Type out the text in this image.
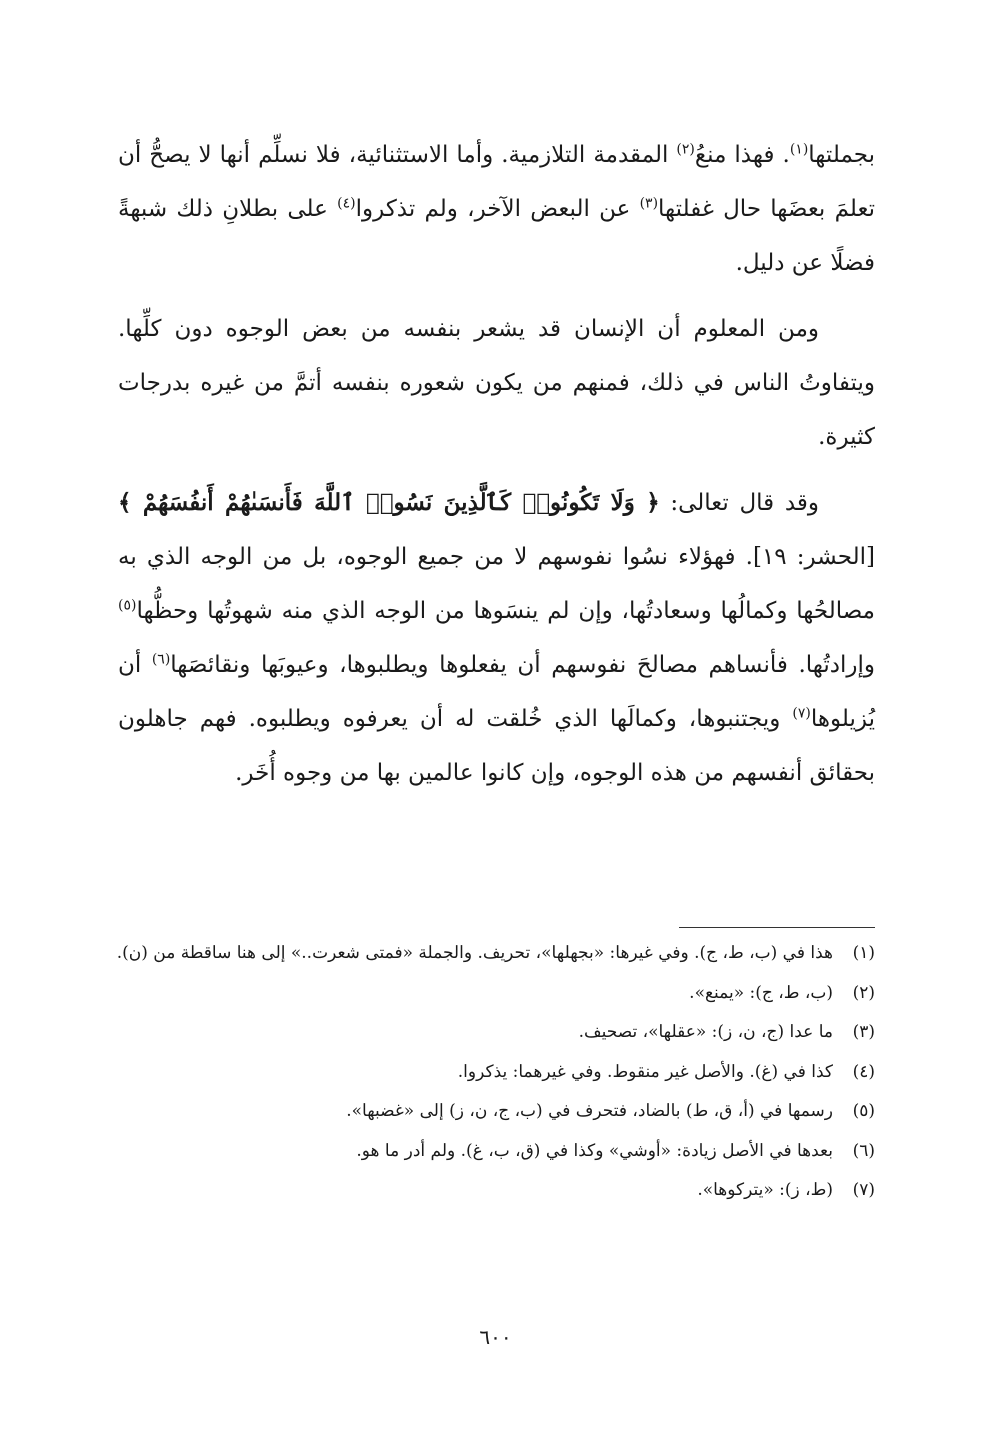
بجملتها$^{(١)}$. فهذا منعُ$^{(٢)}$ المقدمة التلازمية. وأما الاستثنائية، فلا نسلِّم أنها لا يصحُّ أن تعلمَ بعضَها حال غفلتها$^{(٣)}$ عن البعض الآخر، ولم تذكروا$^{(٤)}$ على بطلانِ ذلك شبهةً فضلًا عن دليل.

ومن المعلوم أن الإنسان قد يشعر بنفسه من بعض الوجوه دون كلِّها. ويتفاوتُ الناس في ذلك، فمنهم من يكون شعوره بنفسه أتمَّ من غيره بدرجات كثيرة.

وقد قال تعالى: ﴿ وَلَا تَكُونُوا۟ كَٱلَّذِينَ نَسُوا۟ ٱللَّهَ فَأَنسَىٰهُمْ أَنفُسَهُمْ ﴾ [الحشر: ١٩]. فهؤلاء نسُوا نفوسهم لا من جميع الوجوه، بل من الوجه الذي به مصالحُها وكمالُها وسعادتُها، وإن لم ينسَوها من الوجه الذي منه شهوتُها وحظُّها$^{(٥)}$ وإرادتُها. فأنساهم مصالحَ نفوسهم أن يفعلوها ويطلبوها، وعيوبَها ونقائصَها$^{(٦)}$ أن يُزيلوها$^{(٧)}$ ويجتنبوها، وكمالَها الذي خُلقت له أن يعرفوه ويطلبوه. فهم جاهلون بحقائق أنفسهم من هذه الوجوه، وإن كانوا عالمين بها من وجوه أُخَر.

(١)
هذا في (ب، ط، ج). وفي غيرها: «بجهلها»، تحريف. والجملة «فمتى شعرت..» إلى هنا ساقطة من (ن).
(٢)
(ب، ط، ج): «يمنع».
(٣)
ما عدا (ج، ن، ز): «عقلها»، تصحيف.
(٤)
كذا في (غ). والأصل غير منقوط. وفي غيرهما: يذكروا.
(٥)
رسمها في (أ، ق، ط) بالضاد، فتحرف في (ب، ج، ن، ز) إلى «غضبها».
(٦)
بعدها في الأصل زيادة: «أوشي» وكذا في (ق، ب، غ). ولم أدر ما هو.
(٧)
(ط، ز): «يتركوها».
٦٠٠
